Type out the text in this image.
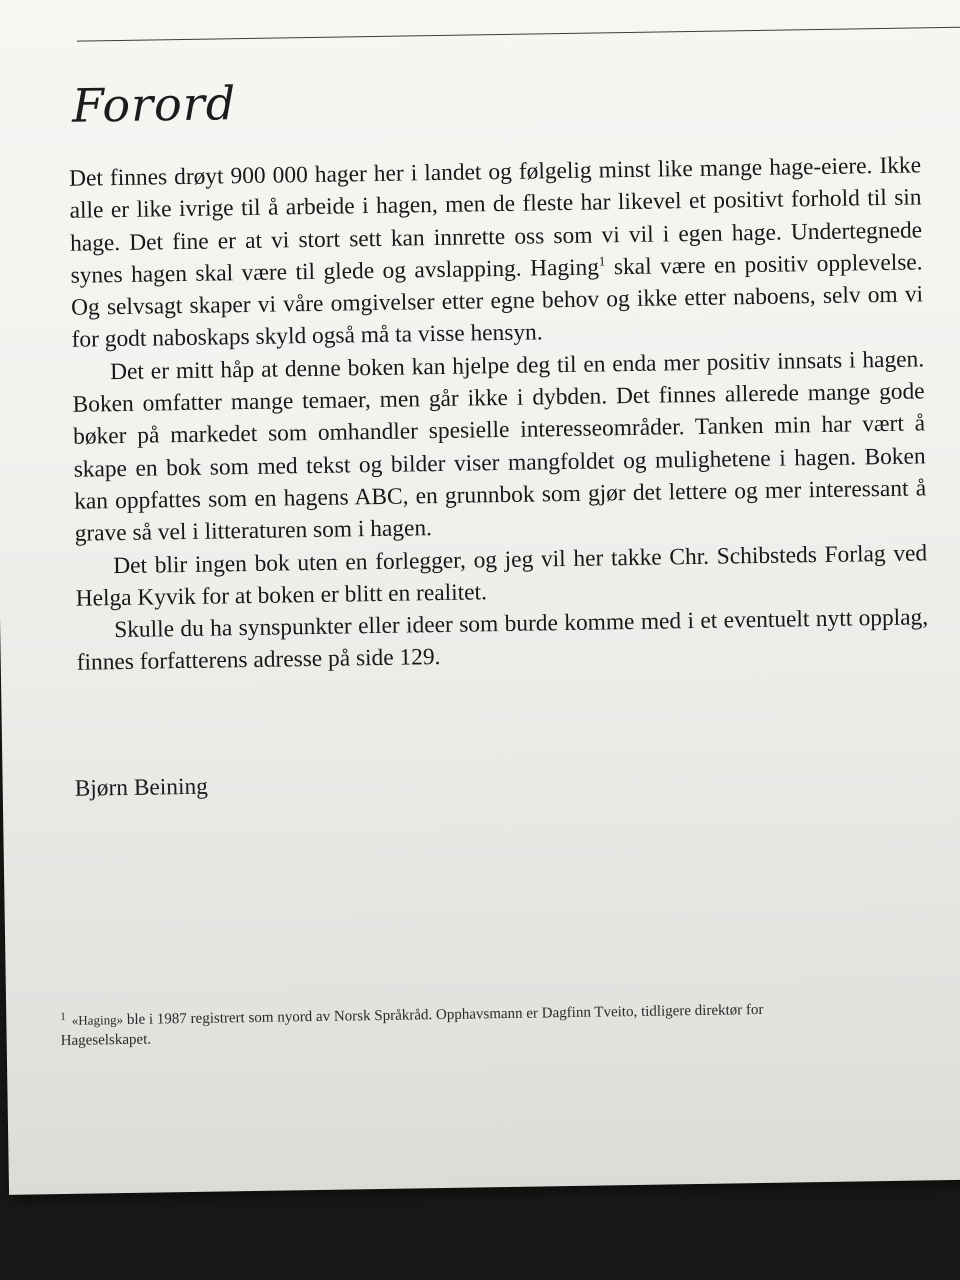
Forord

Det finnes drøyt 900 000 hager her i landet og følgelig minst like mange hage-eiere. Ikke alle er like ivrige til å arbeide i hagen, men de fleste har likevel et positivt forhold til sin hage. Det fine er at vi stort sett kan innrette oss som vi vil i egen hage. Undertegnede synes hagen skal være til glede og avslapping. Haging$^1$ skal være en positiv opplevelse. Og selvsagt skaper vi våre omgivelser etter egne behov og ikke etter naboens, selv om vi for godt naboskaps skyld også må ta visse hensyn.

Det er mitt håp at denne boken kan hjelpe deg til en enda mer positiv innsats i hagen. Boken omfatter mange temaer, men går ikke i dybden. Det finnes allerede mange gode bøker på markedet som omhandler spesielle interesseområder. Tanken min har vært å skape en bok som med tekst og bilder viser mangfoldet og mulighetene i hagen. Boken kan oppfattes som en hagens ABC, en grunnbok som gjør det lettere og mer interessant å grave så vel i litteraturen som i hagen.

Det blir ingen bok uten en forlegger, og jeg vil her takke Chr. Schibsteds Forlag ved Helga Kyvik for at boken er blitt en realitet.

Skulle du ha synspunkter eller ideer som burde komme med i et eventuelt nytt opplag, finnes forfatterens adresse på side 129.

Bjørn Beining
$^1$ «Haging» ble i 1987 registrert som nyord av Norsk Språkråd. Opphavsmann er Dagfinn Tveito, tidligere direktør for Hageselskapet.
